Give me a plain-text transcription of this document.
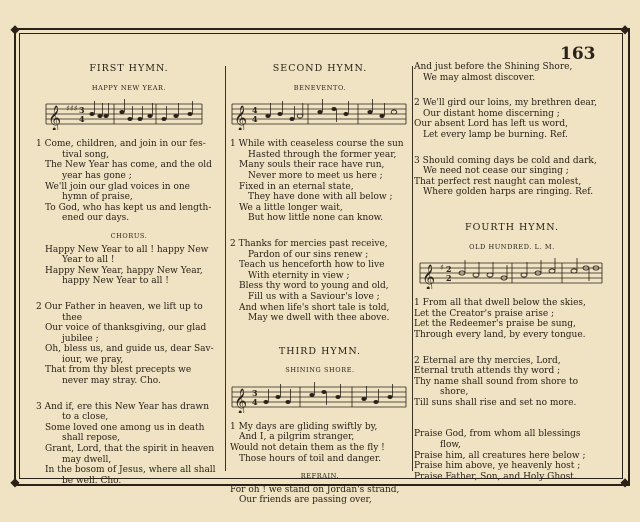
◆	◆
◆	◆
163
FIRST HYMN.
HAPPY NEW YEAR.
𝄞 ♯♯♯ 3
4
1 Come, children, and join in our fes-
tival song,
The New Year has come, and the old
year has gone ;
We'll join our glad voices in one
hymn of praise,
To God, who has kept us and length-
ened our days.
CHORUS.
Happy New Year to all ! happy New
Year to all !
Happy New Year, happy New Year,
happy New Year to all !
2 Our Father in heaven, we lift up to
thee
Our voice of thanksgiving, our glad
jubilee ;
Oh, bless us, and guide us, dear Sav-
iour, we pray,
That from thy blest precepts we
never may stray. Cho.
3 And if, ere this New Year has drawn
to a close,
Some loved one among us in death
shall repose,
Grant, Lord, that the spirit in heaven
may dwell,
In the bosom of Jesus, where all shall
be well. Cho.
SECOND HYMN.
BENEVENTO.
𝄞 4
4
1 While with ceaseless course the sun
Hasted through the former year,
Many souls their race have run,
Never more to meet us here ;
Fixed in an eternal state,
They have done with all below ;
We a little longer wait,
But how little none can know.
2 Thanks for mercies past receive,
Pardon of our sins renew ;
Teach us henceforth how to live
With eternity in view ;
Bless thy word to young and old,
Fill us with a Saviour's love ;
And when life's short tale is told,
May we dwell with thee above.
THIRD HYMN.
SHINING SHORE.
𝄞 3
4
1 My days are gliding swiftly by,
And I, a pilgrim stranger,
Would not detain them as the fly !
Those hours of toil and danger.
REFRAIN.
For oh ! we stand on Jordan's strand,
Our friends are passing over,
And just before the Shining Shore,
We may almost discover.
2 We'll gird our loins, my brethren dear,
Our distant home discerning ;
Our absent Lord has left us word,
Let every lamp be burning. Ref.
3 Should coming days be cold and dark,
We need not cease our singing ;
That perfect rest naught can molest,
Where golden harps are ringing. Ref.
FOURTH HYMN.
OLD HUNDRED. L. M.
𝄞 ♯ 2
2
1 From all that dwell below the skies,
Let the Creator's praise arise ;
Let the Redeemer's praise be sung,
Through every land, by every tongue.
2 Eternal are thy mercies, Lord,
Eternal truth attends thy word ;
Thy name shall sound from shore to
shore,
Till suns shall rise and set no more.
Praise God, from whom all blessings
flow,
Praise him, all creatures here below ;
Praise him above, ye heavenly host ;
Praise Father, Son, and Holy Ghost.
